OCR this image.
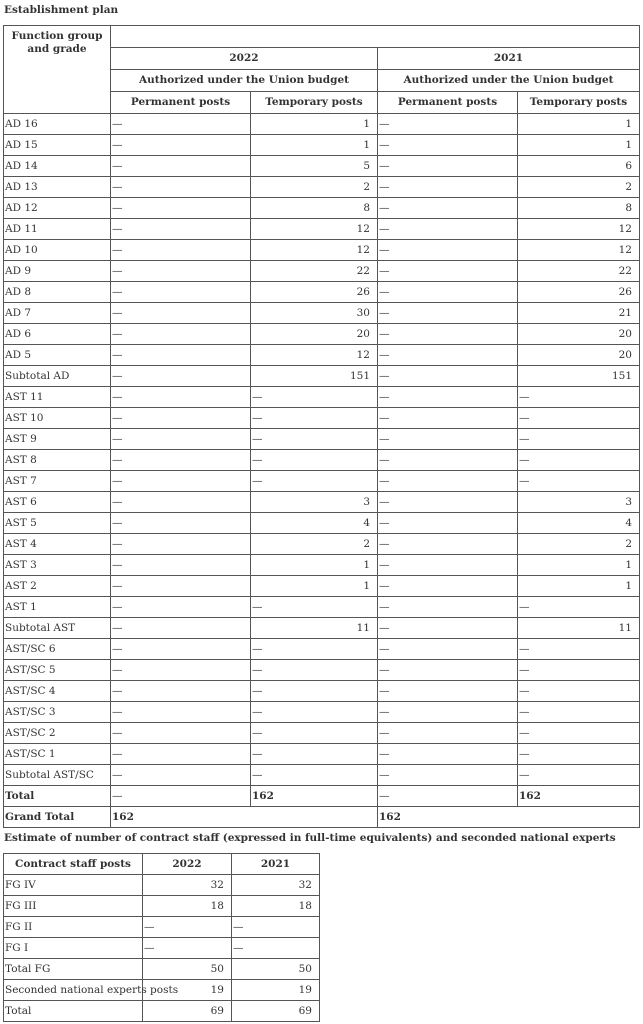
Establishment plan
Function group and grade				
	2022		2021	
	Authorized under the Union budget		Authorized under the Union budget	
	Permanent posts	Temporary posts	Permanent posts	Temporary posts
AD 16	—	1	—	1
AD 15	—	1	—	1
AD 14	—	5	—	6
AD 13	—	2	—	2
AD 12	—	8	—	8
AD 11	—	12	—	12
AD 10	—	12	—	12
AD 9	—	22	—	22
AD 8	—	26	—	26
AD 7	—	30	—	21
AD 6	—	20	—	20
AD 5	—	12	—	20
Subtotal AD	—	151	—	151
AST 11	—	—	—	—
AST 10	—	—	—	—
AST 9	—	—	—	—
AST 8	—	—	—	—
AST 7	—	—	—	—
AST 6	—	3	—	3
AST 5	—	4	—	4
AST 4	—	2	—	2
AST 3	—	1	—	1
AST 2	—	1	—	1
AST 1	—	—	—	—
Subtotal AST	—	11	—	11
AST/SC 6	—	—	—	—
AST/SC 5	—	—	—	—
AST/SC 4	—	—	—	—
AST/SC 3	—	—	—	—
AST/SC 2	—	—	—	—
AST/SC 1	—	—	—	—
Subtotal AST/SC	—	—	—	—
Total	—	162	—	162
Grand Total	162		162	
Estimate of number of contract staff (expressed in full-time equivalents) and seconded national experts
Contract staff posts	2022	2021
FG IV	32	32
FG III	18	18
FG II	—	—
FG I	—	—
Total FG	50	50
Seconded national experts posts	19	19
Total	69	69
